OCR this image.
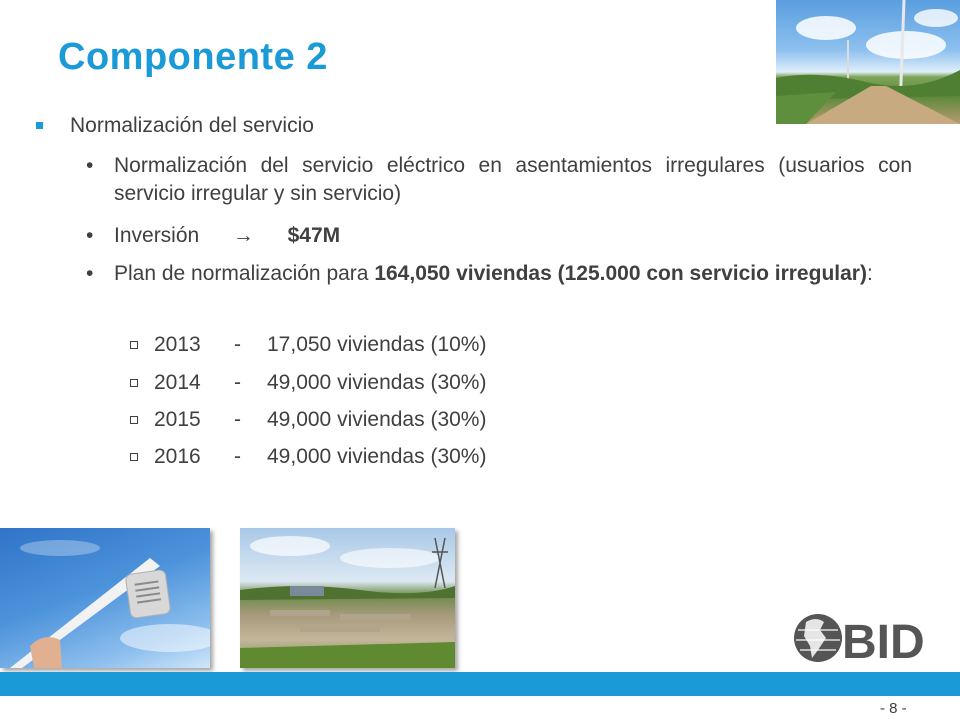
Componente 2
Normalización del servicio
• Normalización del servicio eléctrico en asentamientos irregulares (usuarios con servicio irregular y sin servicio)
• Inversión → $47M
• Plan de normalización para 164,050 viviendas (125.000 con servicio irregular):
2013 - 17,050 viviendas (10%)
2014 - 49,000 viviendas (30%)
2015 - 49,000 viviendas (30%)
2016 - 49,000 viviendas (30%)
BID
- 8 -
